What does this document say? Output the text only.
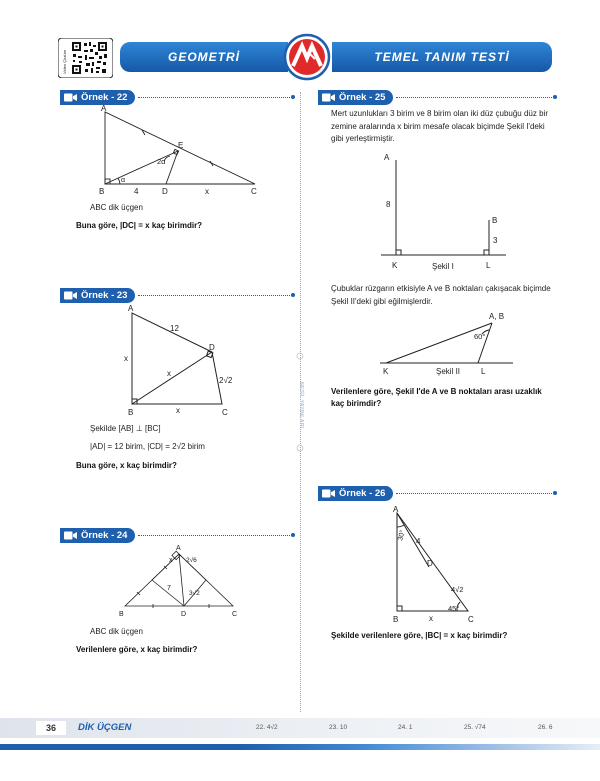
Video Çözüm	GEOMETRİ	TEMEL TANIM TESTİ
Örnek - 22
A
B	C
D
E
4	x
α
2α
ABC dik üçgen
Buna göre, |DC| = x kaç birimdir?
Örnek - 23
A
B	C
D
12
x
x
x
2√2
Şekilde [AB] ⊥ [BC]
|AD| = 12 birim, |CD| = 2√2 birim
Buna göre, x kaç birimdir?
Örnek - 24
A
B	C
D
x
7
2√6
3√2
ABC dik üçgen
Verilenlere göre, x kaç birimdir?
NESİL YAYINLARI
Örnek - 25
Mert uzunlukları 3 birim ve 8 birim olan iki düz çubuğu düz bir zemine aralarında x birim mesafe olacak biçimde Şekil I'deki gibi yerleştirmiştir.
A
B
K	L
8
3
Şekil I
Çubuklar rüzgarın etkisiyle A ve B noktaları çakışacak biçimde Şekil II'deki gibi eğilmişlerdir.
A, B
60°
K	L
Şekil II
Verilenlere göre, Şekil I'de A ve B noktaları arası uzaklık kaç birimdir?
Örnek - 26
A
B	C
D
30° 4
4√2
45°
x
Şekilde verilenlere göre, |BC| = x kaç birimdir?
36	DİK ÜÇGEN	22. 4√2	23. 10	24. 1	25. √74	26. 6
